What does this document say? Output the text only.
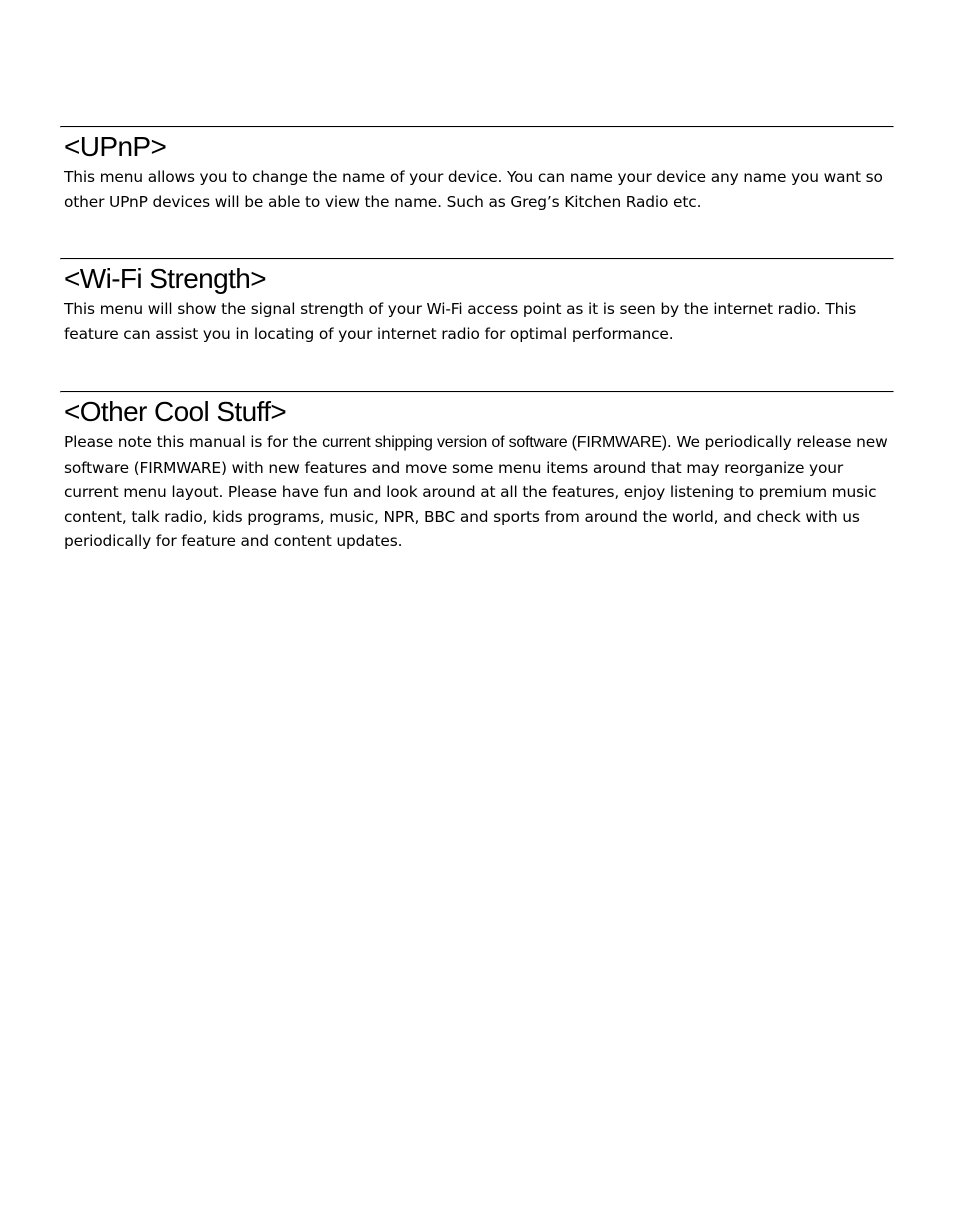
<UPnP>

This menu allows you to change the name of your device. You can name your device any name you want so other UPnP devices will be able to view the name. Such as Greg’s Kitchen Radio etc.

<Wi-Fi Strength>

This menu will show the signal strength of your Wi-Fi access point as it is seen by the internet radio. This feature can assist you in locating of your internet radio for optimal performance.

<Other Cool Stuff>

Please note this manual is for the current shipping version of software (FIRMWARE). We periodically release new software (FIRMWARE) with new features and move some menu items around that may reorganize your current menu layout. Please have fun and look around at all the features, enjoy listening to premium music content, talk radio, kids programs, music, NPR, BBC and sports from around the world, and check with us periodically for feature and content updates.
